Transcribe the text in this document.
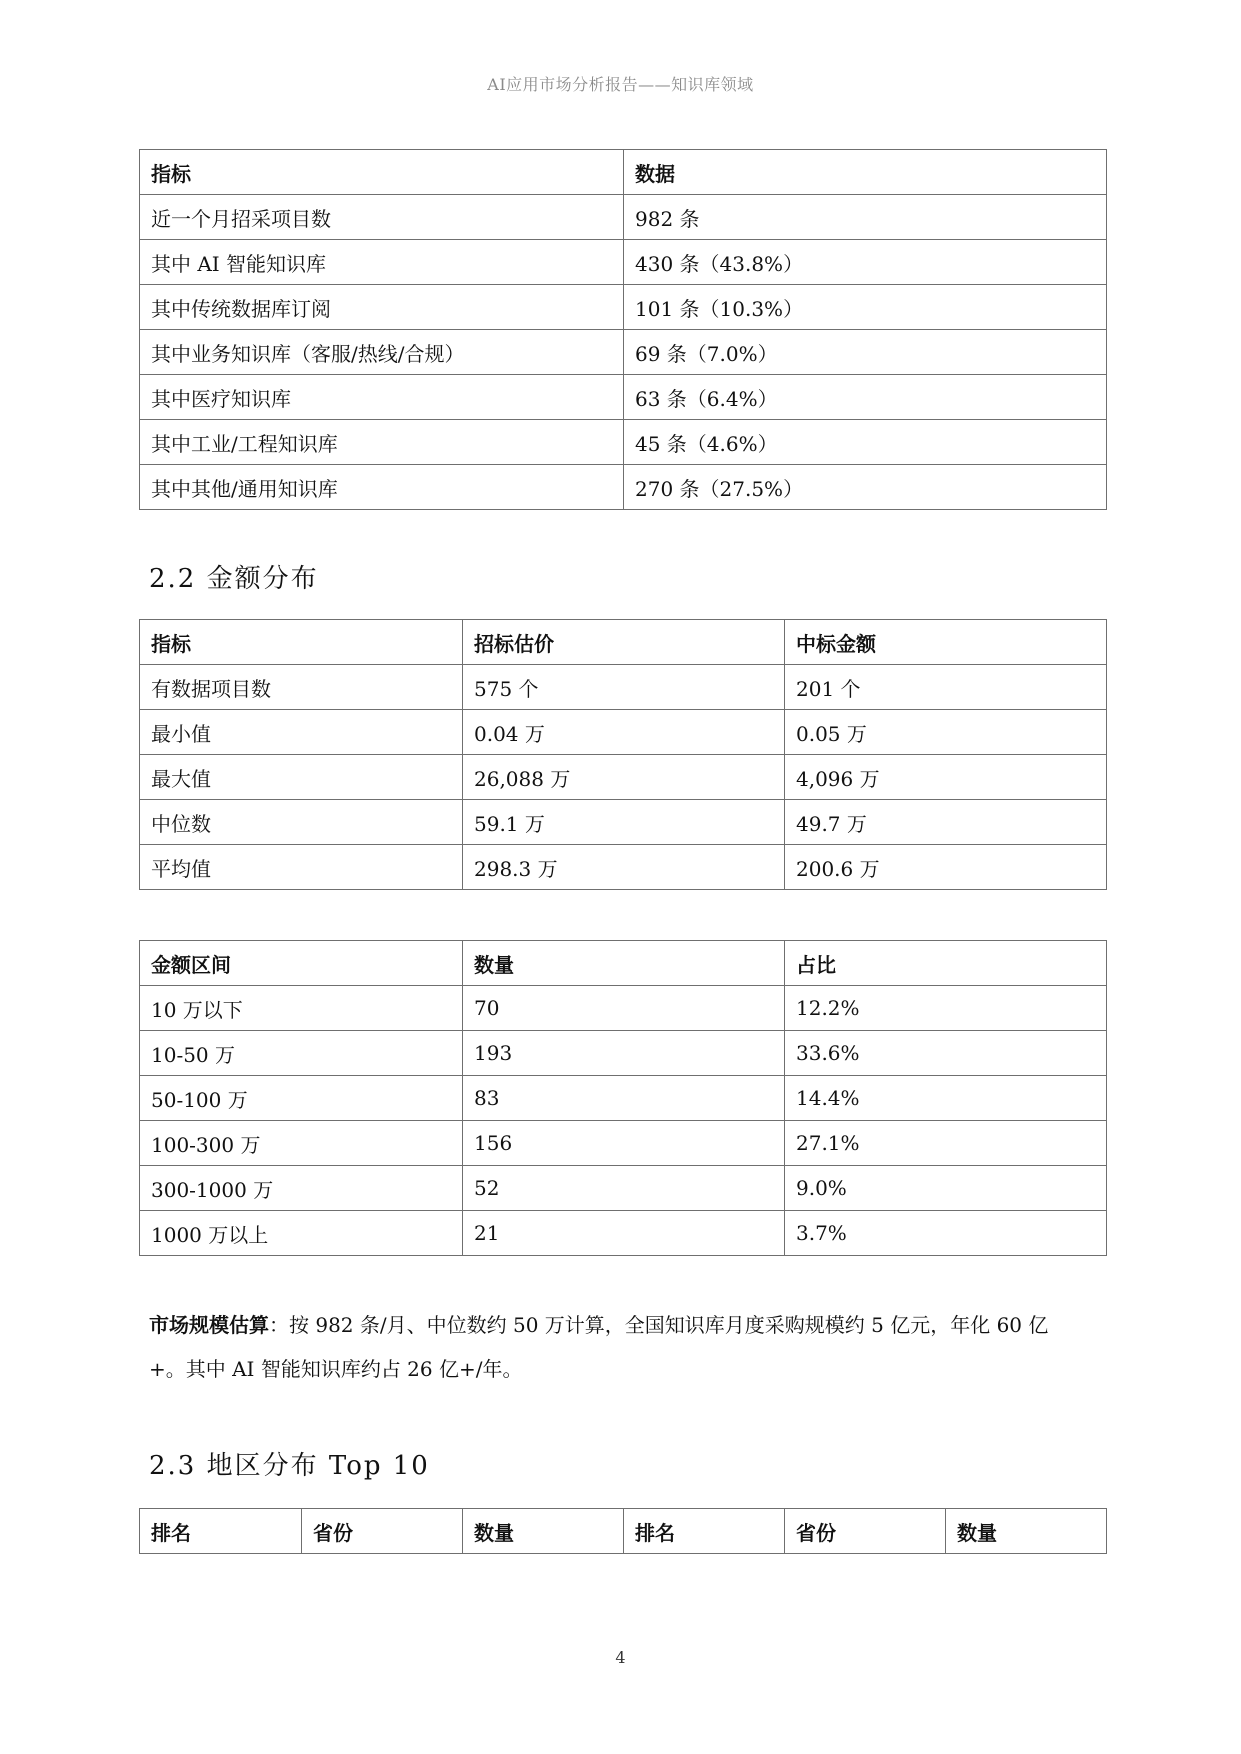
AI应用市场分析报告——知识库领域
指标	数据
近一个月招采项目数	982 条
其中 AI 智能知识库	430 条（43.8%）
其中传统数据库订阅	101 条（10.3%）
其中业务知识库（客服/热线/合规）	69 条（7.0%）
其中医疗知识库	63 条（6.4%）
其中工业/工程知识库	45 条（4.6%）
其中其他/通用知识库	270 条（27.5%）
2.2 金额分布
指标	招标估价	中标金额
有数据项目数	575 个	201 个
最小值	0.04 万	0.05 万
最大值	26,088 万	4,096 万
中位数	59.1 万	49.7 万
平均值	298.3 万	200.6 万
金额区间	数量	占比
10 万以下	70	12.2%
10-50 万	193	33.6%
50-100 万	83	14.4%
100-300 万	156	27.1%
300-1000 万	52	9.0%
1000 万以上	21	3.7%

市场规模估算：按 982 条/月、中位数约 50 万计算，全国知识库月度采购规模约 5 亿元，年化 60 亿+。其中 AI 智能知识库约占 26 亿+/年。

2.3 地区分布 Top 10
排名	省份	数量	排名	省份	数量
4
